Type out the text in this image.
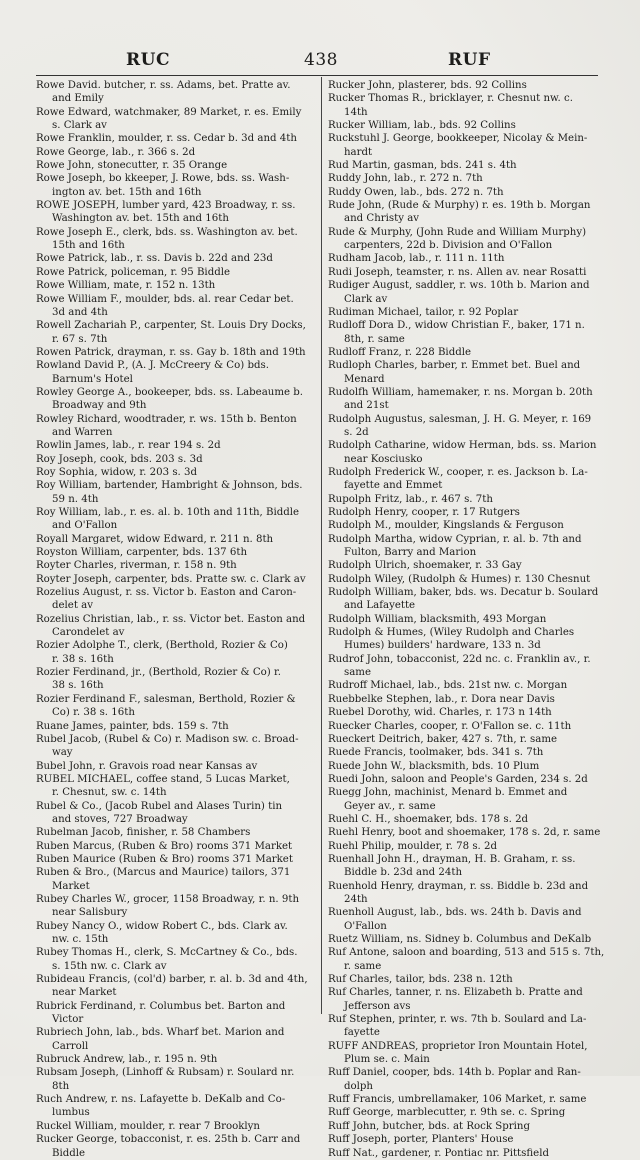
RUC	438	RUF
Rowe David. butcher, r. ss. Adams, bet. Pratte av.
and Emily
Rowe Edward, watchmaker, 89 Market, r. es. Emily
s. Clark av
Rowe Franklin, moulder, r. ss. Cedar b. 3d and 4th
Rowe George, lab., r. 366 s. 2d
Rowe John, stonecutter, r. 35 Orange
Rowe Joseph, bo kkeeper, J. Rowe, bds. ss. Wash-
ington av. bet. 15th and 16th
ROWE JOSEPH, lumber yard, 423 Broadway, r. ss.
Washington av. bet. 15th and 16th
Rowe Joseph E., clerk, bds. ss. Washington av. bet.
15th and 16th
Rowe Patrick, lab., r. ss. Davis b. 22d and 23d
Rowe Patrick, policeman, r. 95 Biddle
Rowe William, mate, r. 152 n. 13th
Rowe William F., moulder, bds. al. rear Cedar bet.
3d and 4th
Rowell Zachariah P., carpenter, St. Louis Dry Docks,
r. 67 s. 7th
Rowen Patrick, drayman, r. ss. Gay b. 18th and 19th
Rowland David P., (A. J. McCreery & Co) bds.
Barnum's Hotel
Rowley George A., bookeeper, bds. ss. Labeaume b.
Broadway and 9th
Rowley Richard, woodtrader, r. ws. 15th b. Benton
and Warren
Rowlin James, lab., r. rear 194 s. 2d
Roy Joseph, cook, bds. 203 s. 3d
Roy Sophia, widow, r. 203 s. 3d
Roy William, bartender, Hambright & Johnson, bds.
59 n. 4th
Roy William, lab., r. es. al. b. 10th and 11th, Biddle
and O'Fallon
Royall Margaret, widow Edward, r. 211 n. 8th
Royston William, carpenter, bds. 137 6th
Royter Charles, riverman, r. 158 n. 9th
Royter Joseph, carpenter, bds. Pratte sw. c. Clark av
Rozelius August, r. ss. Victor b. Easton and Caron-
delet av
Rozelius Christian, lab., r. ss. Victor bet. Easton and
Carondelet av
Rozier Adolphe T., clerk, (Berthold, Rozier & Co)
r. 38 s. 16th
Rozier Ferdinand, jr., (Berthold, Rozier & Co) r.
38 s. 16th
Rozier Ferdinand F., salesman, Berthold, Rozier &
Co) r. 38 s. 16th
Ruane James, painter, bds. 159 s. 7th
Rubel Jacob, (Rubel & Co) r. Madison sw. c. Broad-
way
Bubel John, r. Gravois road near Kansas av
RUBEL MICHAEL, coffee stand, 5 Lucas Market,
r. Chesnut, sw. c. 14th
Rubel & Co., (Jacob Rubel and Alases Turin) tin
and stoves, 727 Broadway
Rubelman Jacob, finisher, r. 58 Chambers
Ruben Marcus, (Ruben & Bro) rooms 371 Market
Ruben Maurice (Ruben & Bro) rooms 371 Market
Ruben & Bro., (Marcus and Maurice) tailors, 371
Market
Rubey Charles W., grocer, 1158 Broadway, r. n. 9th
near Salisbury
Rubey Nancy O., widow Robert C., bds. Clark av.
nw. c. 15th
Rubey Thomas H., clerk, S. McCartney & Co., bds.
s. 15th nw. c. Clark av
Rubideau Francis, (col'd) barber, r. al. b. 3d and 4th,
near Market
Rubrick Ferdinand, r. Columbus bet. Barton and
Victor
Rubriech John, lab., bds. Wharf bet. Marion and
Carroll
Rubruck Andrew, lab., r. 195 n. 9th
Rubsam Joseph, (Linhoff & Rubsam) r. Soulard nr.
8th
Ruch Andrew, r. ns. Lafayette b. DeKalb and Co-
lumbus
Ruckel William, moulder, r. rear 7 Brooklyn
Rucker George, tobacconist, r. es. 25th b. Carr and
Biddle
Rucker John, plasterer, bds. 92 Collins
Rucker Thomas R., bricklayer, r. Chesnut nw. c.
14th
Rucker William, lab., bds. 92 Collins
Ruckstuhl J. George, bookkeeper, Nicolay & Mein-
hardt
Rud Martin, gasman, bds. 241 s. 4th
Ruddy John, lab., r. 272 n. 7th
Ruddy Owen, lab., bds. 272 n. 7th
Rude John, (Rude & Murphy) r. es. 19th b. Morgan
and Christy av
Rude & Murphy, (John Rude and William Murphy)
carpenters, 22d b. Division and O'Fallon
Rudham Jacob, lab., r. 111 n. 11th
Rudi Joseph, teamster, r. ns. Allen av. near Rosatti
Rudiger August, saddler, r. ws. 10th b. Marion and
Clark av
Rudiman Michael, tailor, r. 92 Poplar
Rudloff Dora D., widow Christian F., baker, 171 n.
8th, r. same
Rudloff Franz, r. 228 Biddle
Rudloph Charles, barber, r. Emmet bet. Buel and
Menard
Rudolfh William, hamemaker, r. ns. Morgan b. 20th
and 21st
Rudolph Augustus, salesman, J. H. G. Meyer, r. 169
s. 2d
Rudolph Catharine, widow Herman, bds. ss. Marion
near Kosciusko
Rudolph Frederick W., cooper, r. es. Jackson b. La-
fayette and Emmet
Rupolph Fritz, lab., r. 467 s. 7th
Rudolph Henry, cooper, r. 17 Rutgers
Rudolph M., moulder, Kingslands & Ferguson
Rudolph Martha, widow Cyprian, r. al. b. 7th and
Fulton, Barry and Marion
Rudolph Ulrich, shoemaker, r. 33 Gay
Rudolph Wiley, (Rudolph & Humes) r. 130 Chesnut
Rudolph William, baker, bds. ws. Decatur b. Soulard
and Lafayette
Rudolph William, blacksmith, 493 Morgan
Rudolph & Humes, (Wiley Rudolph and Charles
Humes) builders' hardware, 133 n. 3d
Rudrof John, tobacconist, 22d nc. c. Franklin av., r.
same
Rudroff Michael, lab., bds. 21st nw. c. Morgan
Ruebbelke Stephen, lab., r. Dora near Davis
Ruebel Dorothy, wid. Charles, r. 173 n 14th
Ruecker Charles, cooper, r. O'Fallon se. c. 11th
Rueckert Deitrich, baker, 427 s. 7th, r. same
Ruede Francis, toolmaker, bds. 341 s. 7th
Ruede John W., blacksmith, bds. 10 Plum
Ruedi John, saloon and People's Garden, 234 s. 2d
Ruegg John, machinist, Menard b. Emmet and
Geyer av., r. same
Ruehl C. H., shoemaker, bds. 178 s. 2d
Ruehl Henry, boot and shoemaker, 178 s. 2d, r. same
Ruehl Philip, moulder, r. 78 s. 2d
Ruenhall John H., drayman, H. B. Graham, r. ss.
Biddle b. 23d and 24th
Ruenhold Henry, drayman, r. ss. Biddle b. 23d and
24th
Ruenholl August, lab., bds. ws. 24th b. Davis and
O'Fallon
Ruetz William, ns. Sidney b. Columbus and DeKalb
Ruf Antone, saloon and boarding, 513 and 515 s. 7th,
r. same
Ruf Charles, tailor, bds. 238 n. 12th
Ruf Charles, tanner, r. ns. Elizabeth b. Pratte and
Jefferson avs
Ruf Stephen, printer, r. ws. 7th b. Soulard and La-
fayette
RUFF ANDREAS, proprietor Iron Mountain Hotel,
Plum se. c. Main
Ruff Daniel, cooper, bds. 14th b. Poplar and Ran-
dolph
Ruff Francis, umbrellamaker, 106 Market, r. same
Ruff George, marblecutter, r. 9th se. c. Spring
Ruff John, butcher, bds. at Rock Spring
Ruff Joseph, porter, Planters' House
Ruff Nat., gardener, r. Pontiac nr. Pittsfield
